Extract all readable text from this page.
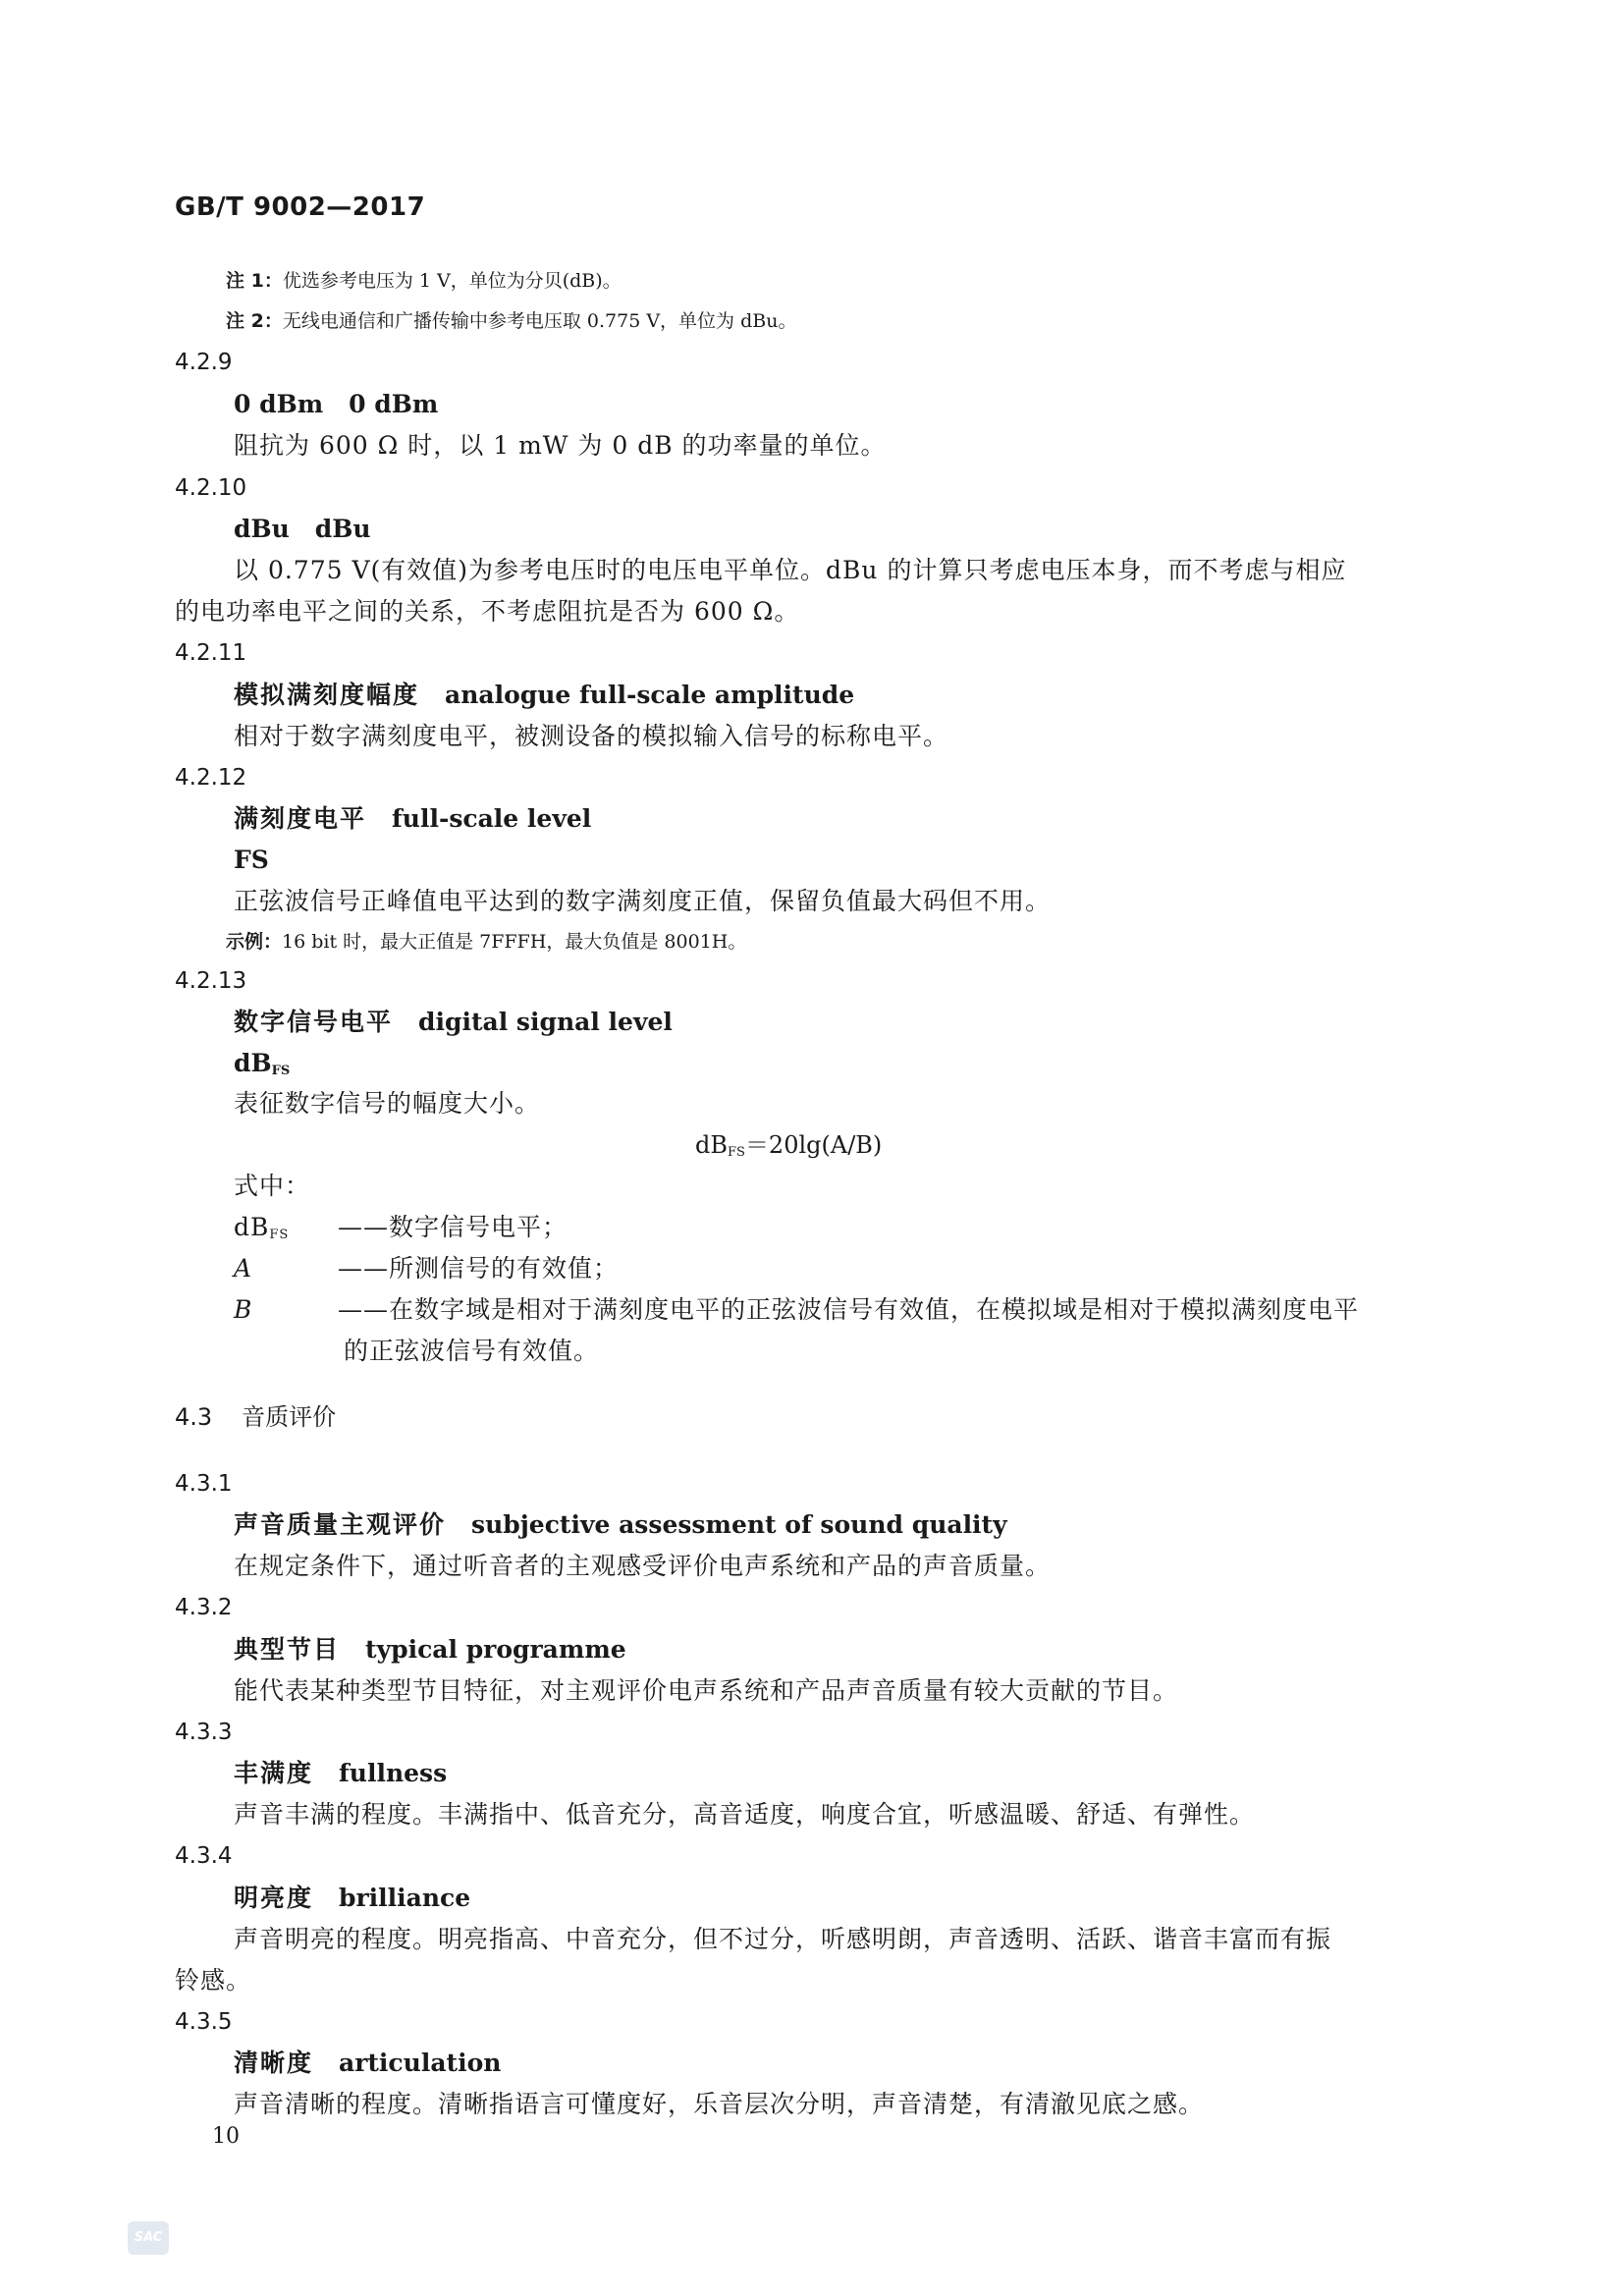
GB/T 9002—2017
注 1：优选参考电压为 1 V，单位为分贝(dB)。
注 2：无线电通信和广播传输中参考电压取 0.775 V，单位为 dBu。
4.2.9
0 dBm 0 dBm
阻抗为 600 Ω 时，以 1 mW 为 0 dB 的功率量的单位。
4.2.10
dBu dBu
以 0.775 V(有效值)为参考电压时的电压电平单位。dBu 的计算只考虑电压本身，而不考虑与相应
的电功率电平之间的关系，不考虑阻抗是否为 600 Ω。
4.2.11
模拟满刻度幅度 analogue full-scale amplitude
相对于数字满刻度电平，被测设备的模拟输入信号的标称电平。
4.2.12
满刻度电平 full-scale level
FS
正弦波信号正峰值电平达到的数字满刻度正值，保留负值最大码但不用。
示例：16 bit 时，最大正值是 7FFFH，最大负值是 8001H。
4.2.13
数字信号电平 digital signal level
$dB_{FS}$
表征数字信号的幅度大小。
$dB_{FS}=20\lg(A/B)$
式中：
$dB_{FS}$ ——数字信号电平；
A	——所测信号的有效值；
B	——在数字域是相对于满刻度电平的正弦波信号有效值，在模拟域是相对于模拟满刻度电平
的正弦波信号有效值。
4.3 音质评价
4.3.1
声音质量主观评价 subjective assessment of sound quality
在规定条件下，通过听音者的主观感受评价电声系统和产品的声音质量。
4.3.2
典型节目 typical programme
能代表某种类型节目特征，对主观评价电声系统和产品声音质量有较大贡献的节目。
4.3.3
丰满度 fullness
声音丰满的程度。丰满指中、低音充分，高音适度，响度合宜，听感温暖、舒适、有弹性。
4.3.4
明亮度 brilliance
声音明亮的程度。明亮指高、中音充分，但不过分，听感明朗，声音透明、活跃、谐音丰富而有振
铃感。
4.3.5
清晰度 articulation
声音清晰的程度。清晰指语言可懂度好，乐音层次分明，声音清楚，有清澈见底之感。
10
SAC
